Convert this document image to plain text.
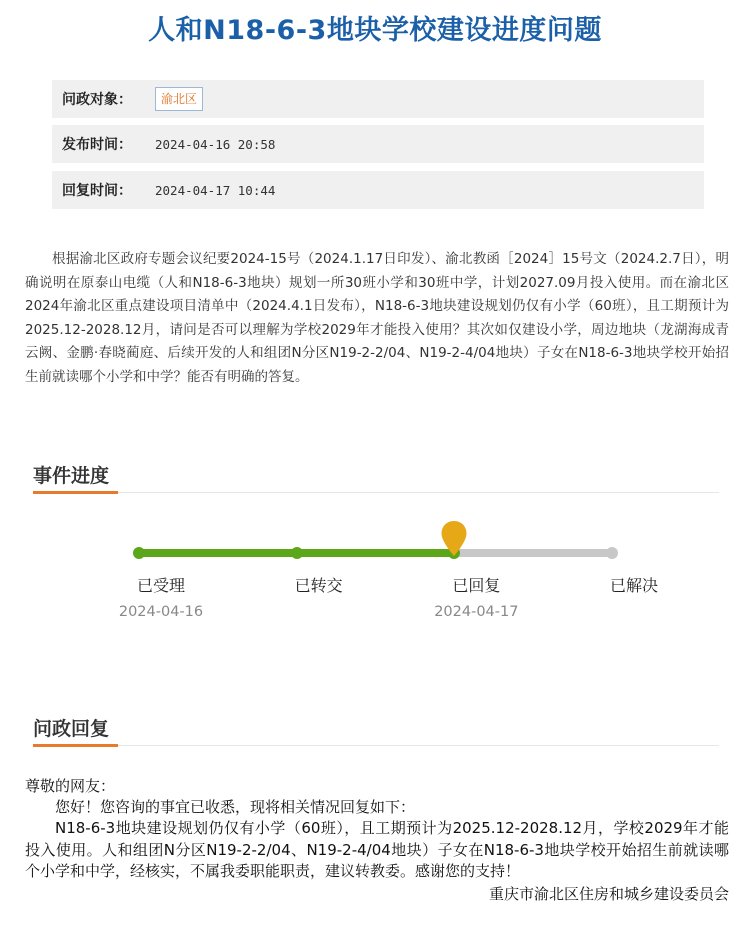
人和N18-6-3地块学校建设进度问题
问政对象：	渝北区
发布时间：	2024-04-16 20:58
回复时间：	2024-04-17 10:44
根据渝北区政府专题会议纪要2024-15号（2024.1.17日印发）、渝北教函［2024］15号文（2024.2.7日），明确说明在原泰山电缆（人和N18-6-3地块）规划一所30班小学和30班中学，计划2027.09月投入使用。而在渝北区2024年渝北区重点建设项目清单中（2024.4.1日发布），N18-6-3地块建设规划仍仅有小学（60班），且工期预计为2025.12-2028.12月，请问是否可以理解为学校2029年才能投入使用？其次如仅建设小学，周边地块（龙湖海成青云阙、金鹏·春晓蔺庭、后续开发的人和组团N分区N19-2-2/04、N19-2-4/04地块）子女在N18-6-3地块学校开始招生前就读哪个小学和中学？能否有明确的答复。
事件进度
已受理
2024-04-16
已转交	已回复
2024-04-17
已解决
问政回复
尊敬的网友：
您好！您咨询的事宜已收悉，现将相关情况回复如下：
N18-6-3地块建设规划仍仅有小学（60班），且工期预计为2025.12-2028.12月，学校2029年才能投入使用。人和组团N分区N19-2-2/04、N19-2-4/04地块）子女在N18-6-3地块学校开始招生前就读哪个小学和中学，经核实，不属我委职能职责，建议转教委。感谢您的支持！
重庆市渝北区住房和城乡建设委员会
